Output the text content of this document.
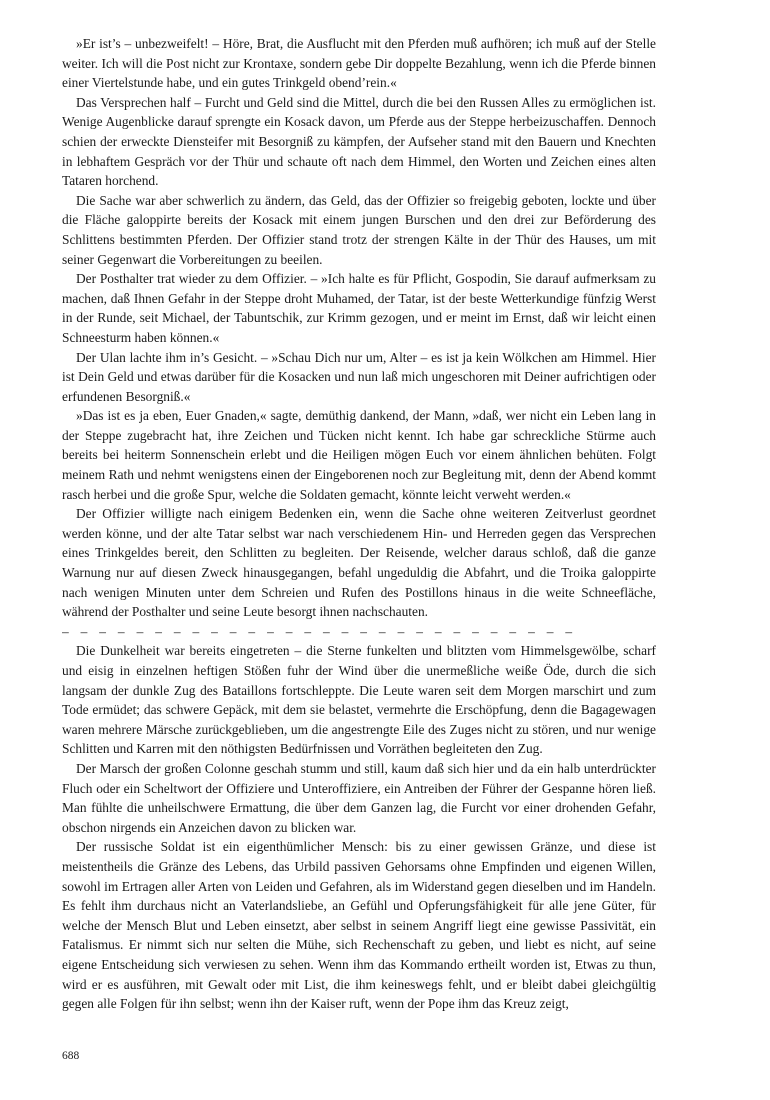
»Er ist’s – unbezweifelt! – Höre, Brat, die Ausflucht mit den Pferden muß aufhören; ich muß auf der Stelle weiter. Ich will die Post nicht zur Krontaxe, sondern gebe Dir doppelte Bezahlung, wenn ich die Pferde binnen einer Viertelstunde habe, und ein gutes Trinkgeld obend’rein.«

Das Versprechen half – Furcht und Geld sind die Mittel, durch die bei den Russen Alles zu ermöglichen ist. Wenige Augenblicke darauf sprengte ein Kosack davon, um Pferde aus der Steppe herbeizuschaffen. Dennoch schien der erweckte Diensteifer mit Besorgniß zu kämpfen, der Aufseher stand mit den Bauern und Knechten in lebhaftem Gespräch vor der Thür und schaute oft nach dem Himmel, den Worten und Zeichen eines alten Tataren horchend.

Die Sache war aber schwerlich zu ändern, das Geld, das der Offizier so freigebig geboten, lockte und über die Fläche galoppirte bereits der Kosack mit einem jungen Burschen und den drei zur Beförderung des Schlittens bestimmten Pferden. Der Offizier stand trotz der strengen Kälte in der Thür des Hauses, um mit seiner Gegenwart die Vorbereitungen zu beeilen.

Der Posthalter trat wieder zu dem Offizier. – »Ich halte es für Pflicht, Gospodin, Sie darauf aufmerksam zu machen, daß Ihnen Gefahr in der Steppe droht Muhamed, der Tatar, ist der beste Wetterkundige fünfzig Werst in der Runde, seit Michael, der Tabuntschik, zur Krimm gezogen, und er meint im Ernst, daß wir leicht einen Schneesturm haben können.«

Der Ulan lachte ihm in’s Gesicht. – »Schau Dich nur um, Alter – es ist ja kein Wölkchen am Himmel. Hier ist Dein Geld und etwas darüber für die Kosacken und nun laß mich ungeschoren mit Deiner aufrichtigen oder erfundenen Besorgniß.«

»Das ist es ja eben, Euer Gnaden,« sagte, demüthig dankend, der Mann, »daß, wer nicht ein Leben lang in der Steppe zugebracht hat, ihre Zeichen und Tücken nicht kennt. Ich habe gar schreckliche Stürme auch bereits bei heiterm Sonnenschein erlebt und die Heiligen mögen Euch vor einem ähnlichen behüten. Folgt meinem Rath und nehmt wenigstens einen der Eingeborenen noch zur Begleitung mit, denn der Abend kommt rasch herbei und die große Spur, welche die Soldaten gemacht, könnte leicht verweht werden.«

Der Offizier willigte nach einigem Bedenken ein, wenn die Sache ohne weiteren Zeitverlust geordnet werden könne, und der alte Tatar selbst war nach verschiedenem Hin- und Herreden gegen das Versprechen eines Trinkgeldes bereit, den Schlitten zu begleiten. Der Reisende, welcher daraus schloß, daß die ganze Warnung nur auf diesen Zweck hinausgegangen, befahl ungeduldig die Abfahrt, und die Troika galoppirte nach wenigen Minuten unter dem Schreien und Rufen des Postillons hinaus in die weite Schneefläche, während der Posthalter und seine Leute besorgt ihnen nachschauten.

– – – – – – – – – – – – – – – – – – – – – – – – – – – –

Die Dunkelheit war bereits eingetreten – die Sterne funkelten und blitzten vom Himmelsgewölbe, scharf und eisig in einzelnen heftigen Stößen fuhr der Wind über die unermeßliche weiße Öde, durch die sich langsam der dunkle Zug des Bataillons fortschleppte. Die Leute waren seit dem Morgen marschirt und zum Tode ermüdet; das schwere Gepäck, mit dem sie belastet, vermehrte die Erschöpfung, denn die Bagagewagen waren mehrere Märsche zurückgeblieben, um die angestrengte Eile des Zuges nicht zu stören, und nur wenige Schlitten und Karren mit den nöthigsten Bedürfnissen und Vorräthen begleiteten den Zug.

Der Marsch der großen Colonne geschah stumm und still, kaum daß sich hier und da ein halb unterdrückter Fluch oder ein Scheltwort der Offiziere und Unteroffiziere, ein Antreiben der Führer der Gespanne hören ließ. Man fühlte die unheilschwere Ermattung, die über dem Ganzen lag, die Furcht vor einer drohenden Gefahr, obschon nirgends ein Anzeichen davon zu blicken war.

Der russische Soldat ist ein eigenthümlicher Mensch: bis zu einer gewissen Gränze, und diese ist meistentheils die Gränze des Lebens, das Urbild passiven Gehorsams ohne Empfinden und eigenen Willen, sowohl im Ertragen aller Arten von Leiden und Gefahren, als im Widerstand gegen dieselben und im Handeln. Es fehlt ihm durchaus nicht an Vaterlandsliebe, an Gefühl und Opferungsfähigkeit für alle jene Güter, für welche der Mensch Blut und Leben einsetzt, aber selbst in seinem Angriff liegt eine gewisse Passivität, ein Fatalismus. Er nimmt sich nur selten die Mühe, sich Rechenschaft zu geben, und liebt es nicht, auf seine eigene Entscheidung sich verwiesen zu sehen. Wenn ihm das Kommando ertheilt worden ist, Etwas zu thun, wird er es ausführen, mit Gewalt oder mit List, die ihm keineswegs fehlt, und er bleibt dabei gleichgültig gegen alle Folgen für ihn selbst; wenn ihn der Kaiser ruft, wenn der Pope ihm das Kreuz zeigt,

688
